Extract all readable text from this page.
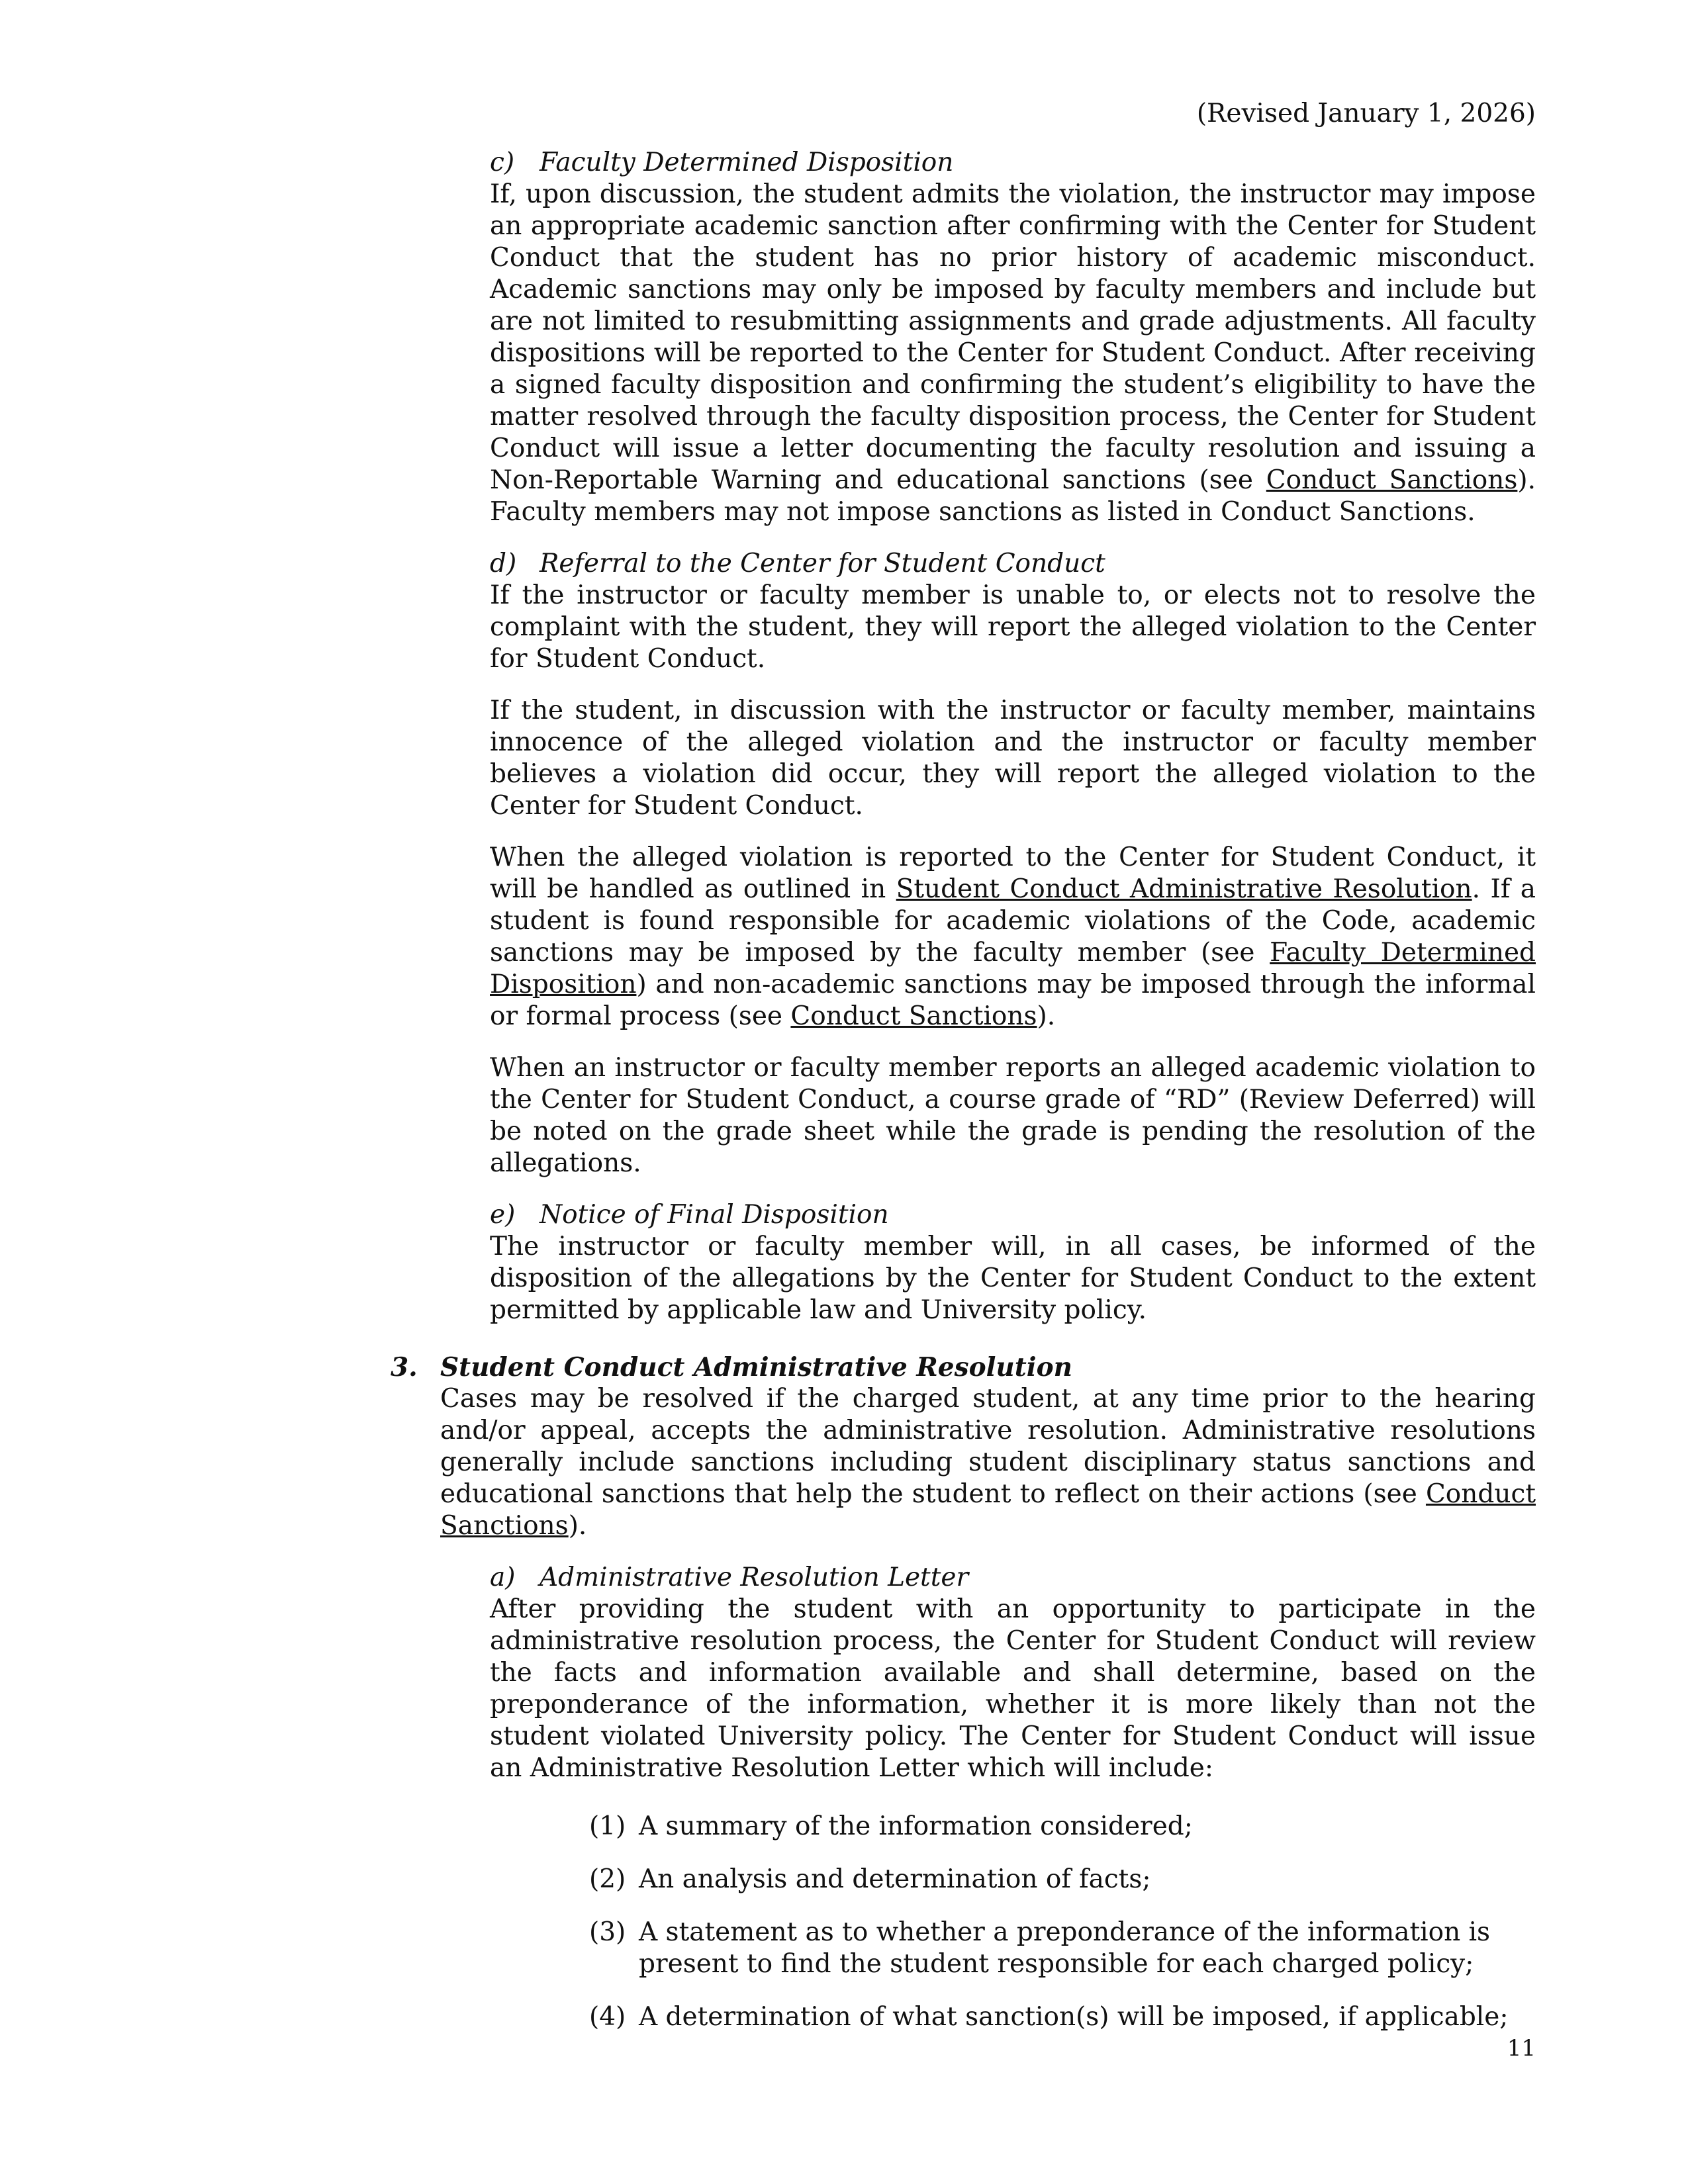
(Revised January 1, 2026)
c) Faculty Determined Disposition

If, upon discussion, the student admits the violation, the instructor may impose an appropriate academic sanction after confirming with the Center for Student Conduct that the student has no prior history of academic misconduct. Academic sanctions may only be imposed by faculty members and include but are not limited to resubmitting assignments and grade adjustments. All faculty dispositions will be reported to the Center for Student Conduct. After receiving a signed faculty disposition and confirming the student’s eligibility to have the matter resolved through the faculty disposition process, the Center for Student Conduct will issue a letter documenting the faculty resolution and issuing a Non-Reportable Warning and educational sanctions (see Conduct Sanctions). Faculty members may not impose sanctions as listed in Conduct Sanctions.

d) Referral to the Center for Student Conduct

If the instructor or faculty member is unable to, or elects not to resolve the complaint with the student, they will report the alleged violation to the Center for Student Conduct.

If the student, in discussion with the instructor or faculty member, maintains innocence of the alleged violation and the instructor or faculty member believes a violation did occur, they will report the alleged violation to the Center for Student Conduct.

When the alleged violation is reported to the Center for Student Conduct, it will be handled as outlined in Student Conduct Administrative Resolution. If a student is found responsible for academic violations of the Code, academic sanctions may be imposed by the faculty member (see Faculty Determined Disposition) and non-academic sanctions may be imposed through the informal or formal process (see Conduct Sanctions).

When an instructor or faculty member reports an alleged academic violation to the Center for Student Conduct, a course grade of “RD” (Review Deferred) will be noted on the grade sheet while the grade is pending the resolution of the allegations.

e) Notice of Final Disposition

The instructor or faculty member will, in all cases, be informed of the disposition of the allegations by the Center for Student Conduct to the extent permitted by applicable law and University policy.

3. Student Conduct Administrative Resolution

Cases may be resolved if the charged student, at any time prior to the hearing and/or appeal, accepts the administrative resolution. Administrative resolutions generally include sanctions including student disciplinary status sanctions and educational sanctions that help the student to reflect on their actions (see Conduct Sanctions).

a) Administrative Resolution Letter

After providing the student with an opportunity to participate in the administrative resolution process, the Center for Student Conduct will review the facts and information available and shall determine, based on the preponderance of the information, whether it is more likely than not the student violated University policy. The Center for Student Conduct will issue an Administrative Resolution Letter which will include:

(1) A summary of the information considered;
(2) An analysis and determination of facts;
(3) A statement as to whether a preponderance of the information is present to find the student responsible for each charged policy;
(4) A determination of what sanction(s) will be imposed, if applicable;
11
